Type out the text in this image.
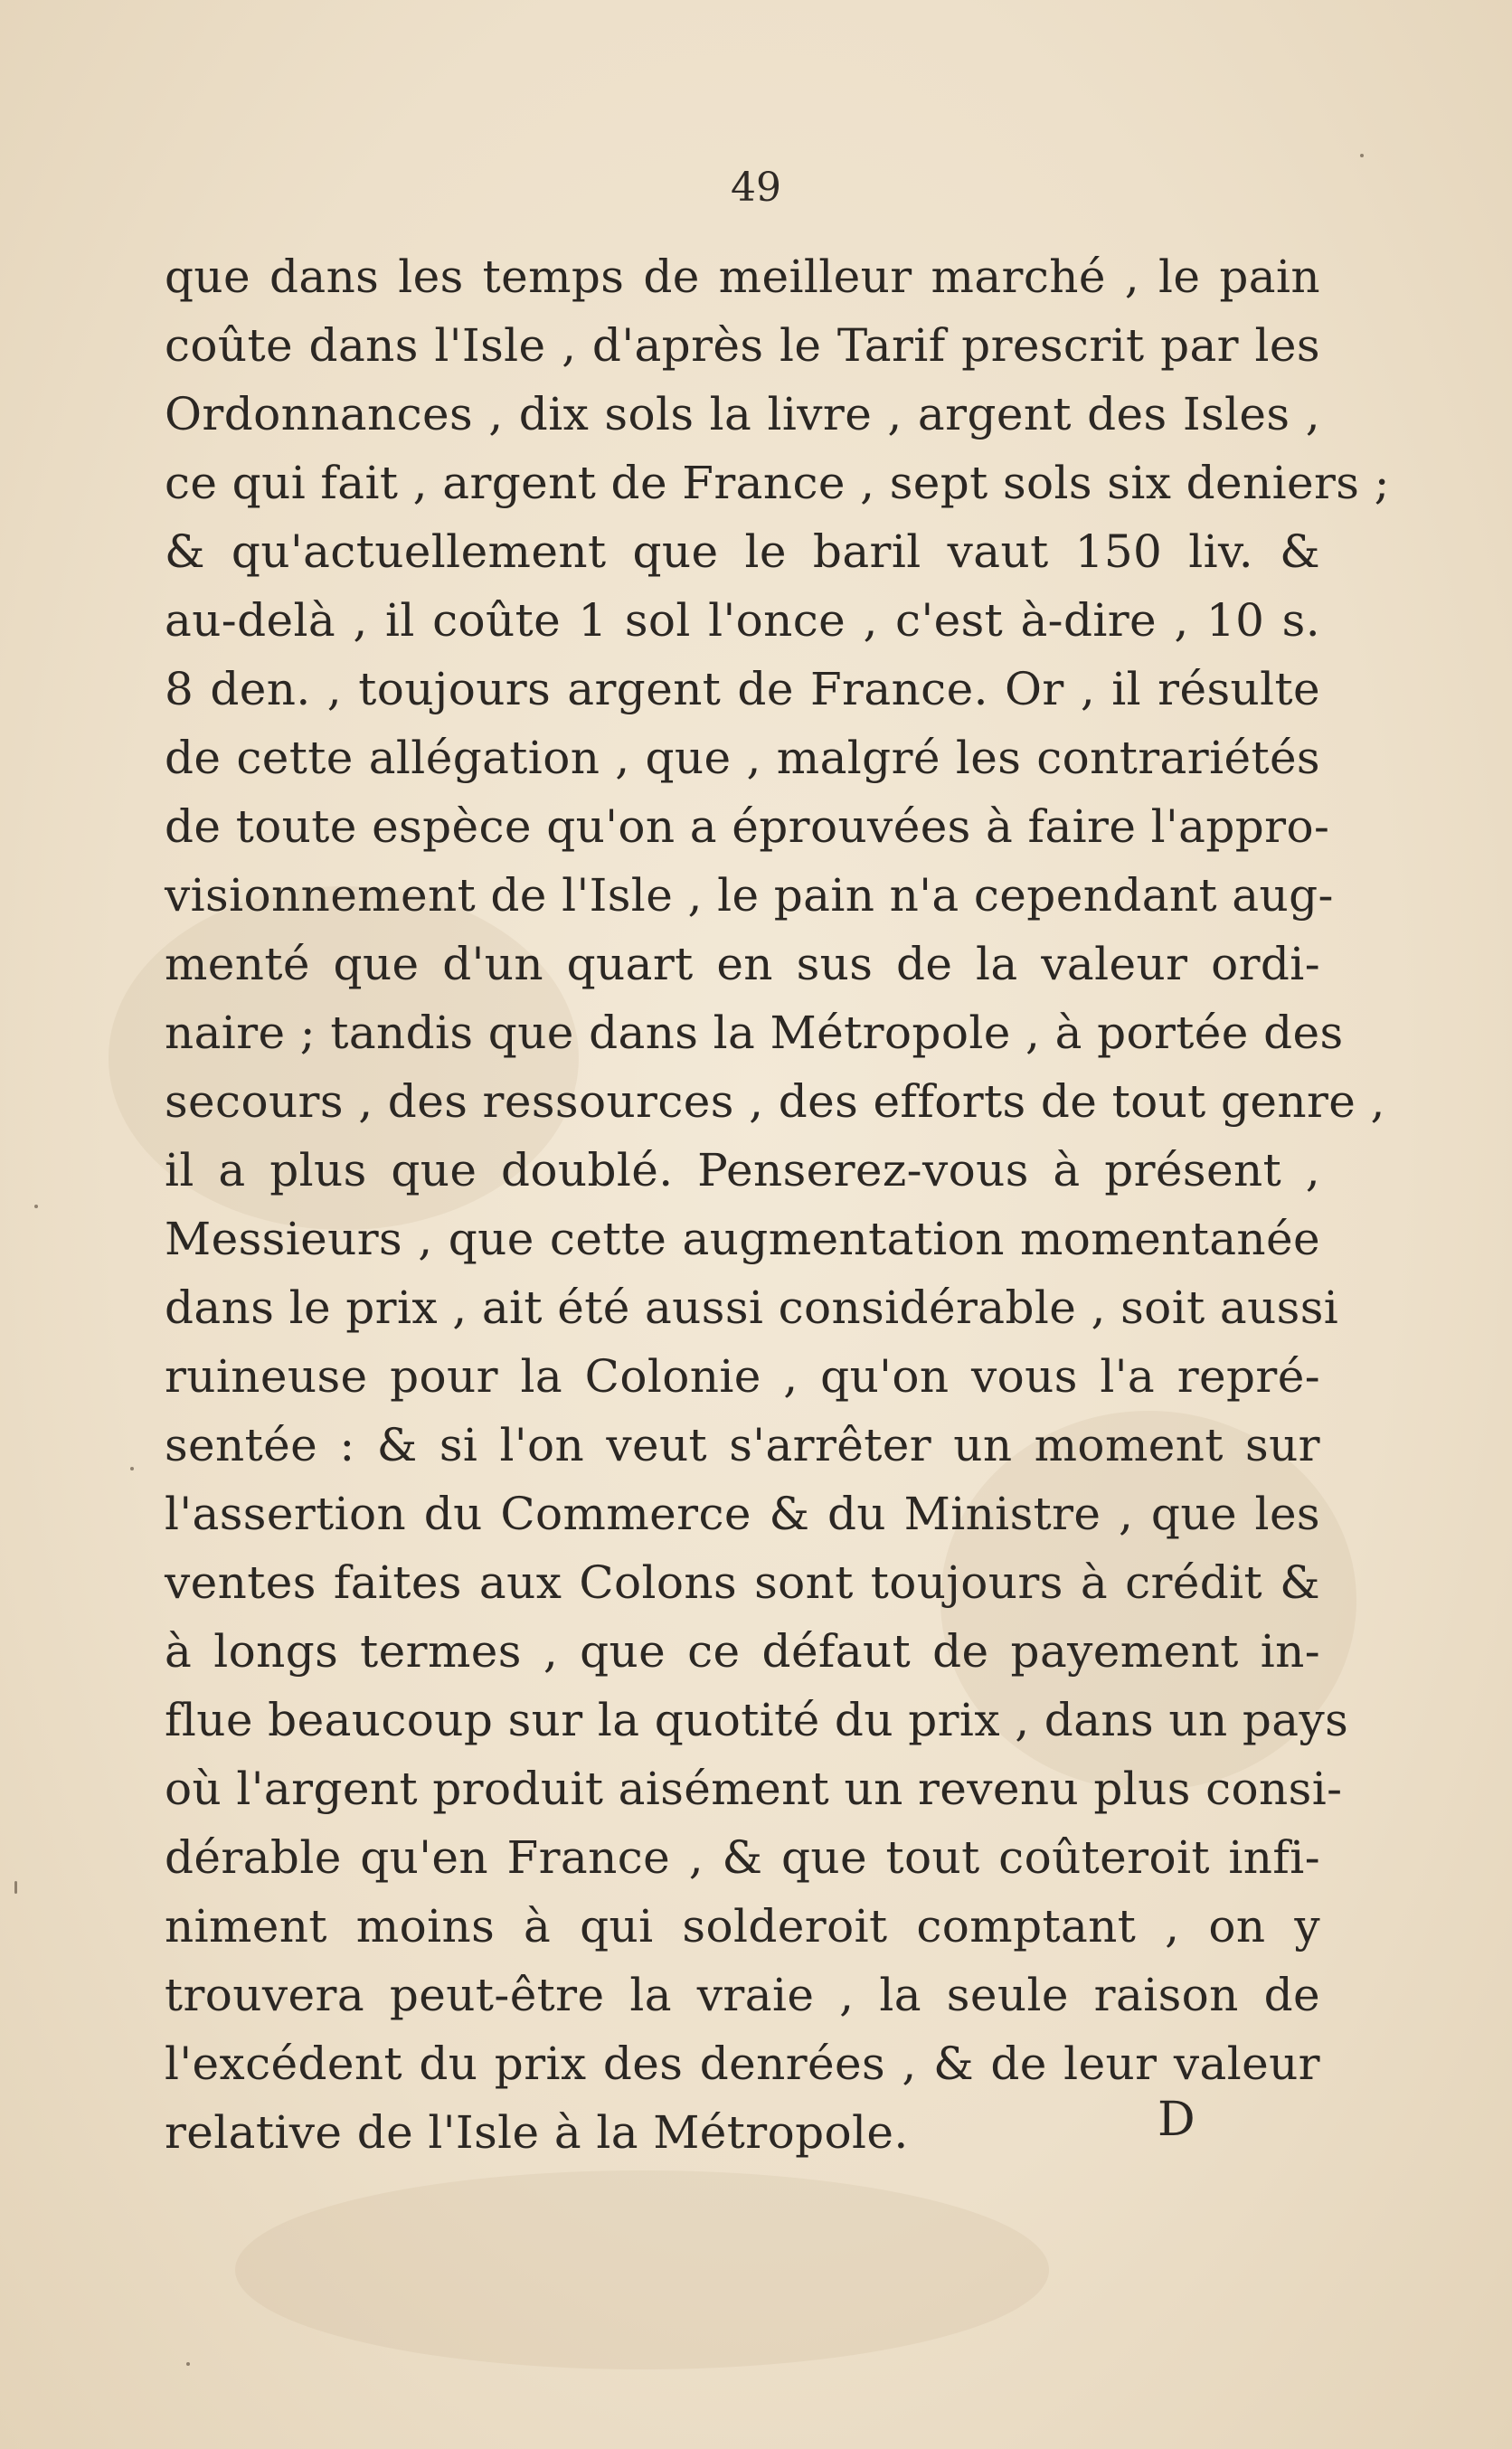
49
que dans les temps de meilleur marché , le pain
coûte dans l'Isle , d'après le Tarif prescrit par les
Ordonnances , dix sols la livre , argent des Isles ,
ce qui fait , argent de France , sept sols six deniers ;
& qu'actuellement que le baril vaut 150 liv. &
au-delà , il coûte 1 sol l'once , c'est à-dire , 10 s.
8 den. , toujours argent de France. Or , il résulte
de cette allégation , que , malgré les contrariétés
de toute espèce qu'on a éprouvées à faire l'appro-
visionnement de l'Isle , le pain n'a cependant aug-
menté que d'un quart en sus de la valeur ordi-
naire ; tandis que dans la Métropole , à portée des
secours , des ressources , des efforts de tout genre ,
il a plus que doublé. Penserez-vous à présent ,
Messieurs , que cette augmentation momentanée
dans le prix , ait été aussi considérable , soit aussi
ruineuse pour la Colonie , qu'on vous l'a repré-
sentée : & si l'on veut s'arrêter un moment sur
l'assertion du Commerce & du Ministre , que les
ventes faites aux Colons sont toujours à crédit &
à longs termes , que ce défaut de payement in-
flue beaucoup sur la quotité du prix , dans un pays
où l'argent produit aisément un revenu plus consi-
dérable qu'en France , & que tout coûteroit infi-
niment moins à qui solderoit comptant , on y
trouvera peut-être la vraie , la seule raison de
l'excédent du prix des denrées , & de leur valeur
relative de l'Isle à la Métropole.	D
